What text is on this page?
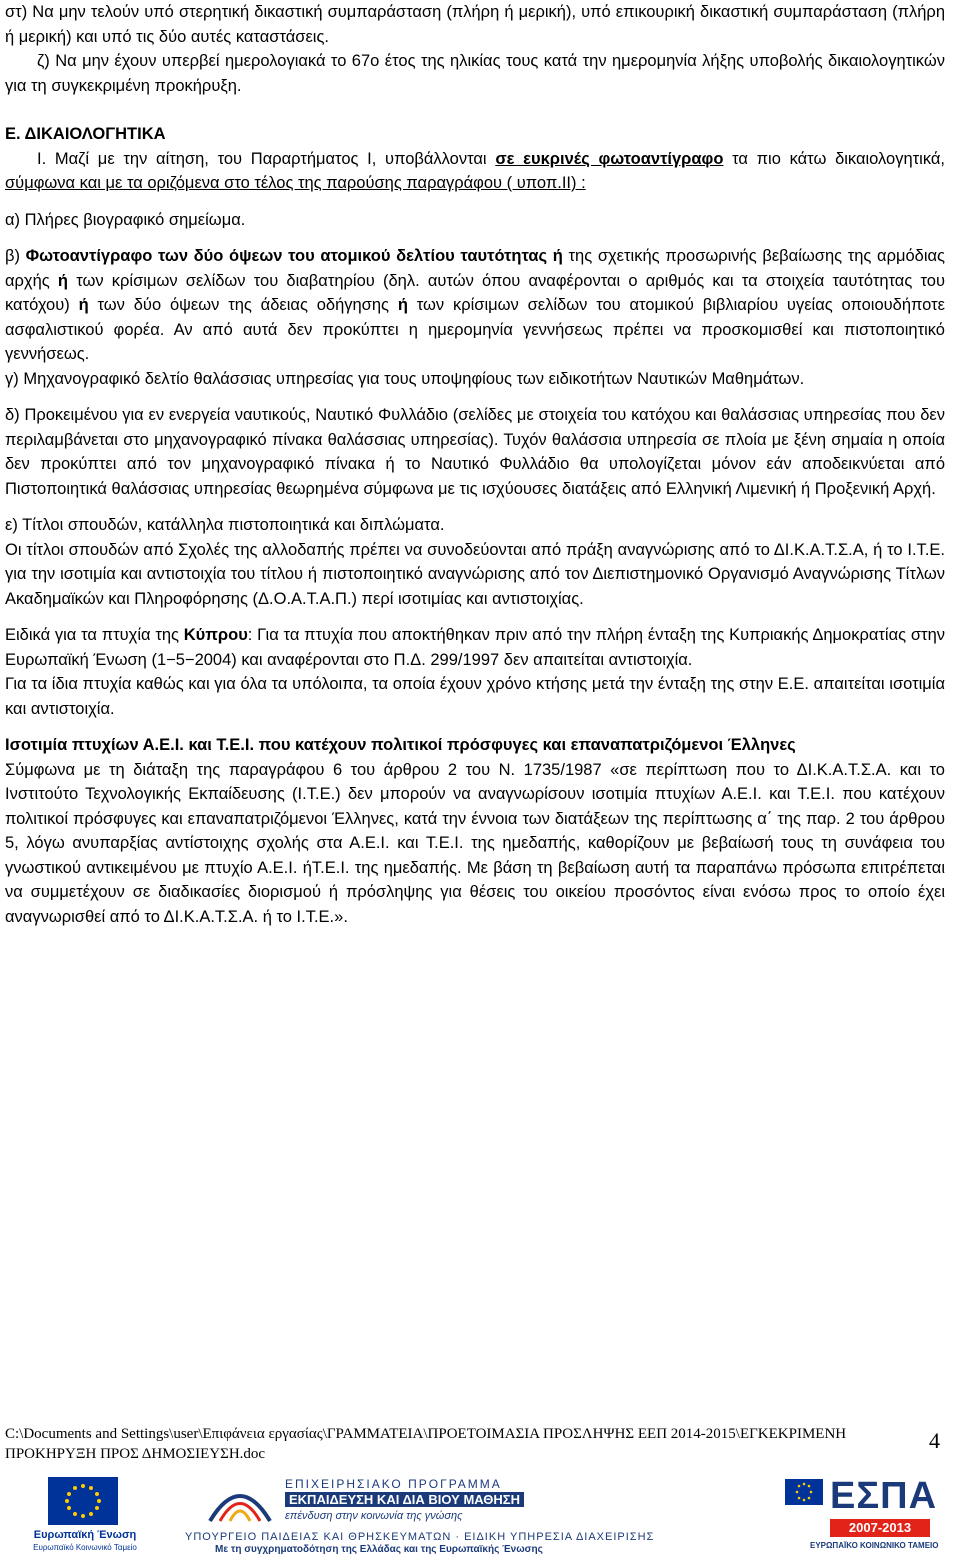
στ) Να μην τελούν υπό στερητική δικαστική συμπαράσταση (πλήρη ή μερική), υπό επικουρική δικαστική συμπαράσταση (πλήρη ή μερική) και υπό τις δύο αυτές καταστάσεις.

ζ) Να μην έχουν υπερβεί ημερολογιακά το 67ο έτος της ηλικίας τους κατά την ημερομηνία λήξης υποβολής δικαιολογητικών για τη συγκεκριμένη προκήρυξη.

Ε. ΔΙΚΑΙΟΛΟΓΗΤΙΚΑ

Ι. Μαζί με την αίτηση, του Παραρτήματος Ι, υποβάλλονται σε ευκρινές φωτοαντίγραφο τα πιο κάτω δικαιολογητικά, σύμφωνα και με τα οριζόμενα στο τέλος της παρούσης παραγράφου ( υποπ.ΙΙ) :

α) Πλήρες βιογραφικό σημείωμα.

β) Φωτοαντίγραφο των δύο όψεων του ατομικού δελτίου ταυτότητας ή της σχετικής προσωρινής βεβαίωσης της αρμόδιας αρχής ή των κρίσιμων σελίδων του διαβατηρίου (δηλ. αυτών όπου αναφέρονται ο αριθμός και τα στοιχεία ταυτότητας του κατόχου) ή των δύο όψεων της άδειας οδήγησης ή των κρίσιμων σελίδων του ατομικού βιβλιαρίου υγείας οποιουδήποτε ασφαλιστικού φορέα. Αν από αυτά δεν προκύπτει η ημερομηνία γεννήσεως πρέπει να προσκομισθεί και πιστοποιητικό γεννήσεως.

γ) Μηχανογραφικό δελτίο θαλάσσιας υπηρεσίας για τους υποψηφίους των ειδικοτήτων Ναυτικών Μαθημάτων.

δ) Προκειμένου για εν ενεργεία ναυτικούς, Ναυτικό Φυλλάδιο (σελίδες με στοιχεία του κατόχου και θαλάσσιας υπηρεσίας που δεν περιλαμβάνεται στο μηχανογραφικό πίνακα θαλάσσιας υπηρεσίας). Τυχόν θαλάσσια υπηρεσία σε πλοία με ξένη σημαία η οποία δεν προκύπτει από τον μηχανογραφικό πίνακα ή το Ναυτικό Φυλλάδιο θα υπολογίζεται μόνον εάν αποδεικνύεται από Πιστοποιητικά θαλάσσιας υπηρεσίας θεωρημένα σύμφωνα με τις ισχύουσες διατάξεις από Ελληνική Λιμενική ή Προξενική Αρχή.

ε) Τίτλοι σπουδών, κατάλληλα πιστοποιητικά και διπλώματα.

Οι τίτλοι σπουδών από Σχολές της αλλοδαπής πρέπει να συνοδεύονται από πράξη αναγνώρισης από το ΔΙ.Κ.Α.Τ.Σ.Α, ή το Ι.Τ.Ε. για την ισοτιμία και αντιστοιχία του τίτλου ή πιστοποιητικό αναγνώρισης από τον Διεπιστημονικό Οργανισμό Αναγνώρισης Τίτλων Ακαδημαϊκών και Πληροφόρησης (Δ.Ο.Α.Τ.Α.Π.) περί ισοτιμίας και αντιστοιχίας.

Ειδικά για τα πτυχία της Κύπρου: Για τα πτυχία που αποκτήθηκαν πριν από την πλήρη ένταξη της Κυπριακής Δημοκρατίας στην Ευρωπαϊκή Ένωση (1−5−2004) και αναφέρονται στο Π.Δ. 299/1997 δεν απαιτείται αντιστοιχία.

Για τα ίδια πτυχία καθώς και για όλα τα υπόλοιπα, τα οποία έχουν χρόνο κτήσης μετά την ένταξη της στην Ε.Ε. απαιτείται ισοτιμία και αντιστοιχία.

Ισοτιμία πτυχίων Α.Ε.Ι. και Τ.Ε.Ι. που κατέχουν πολιτικοί πρόσφυγες και επαναπατριζόμενοι Έλληνες

Σύμφωνα με τη διάταξη της παραγράφου 6 του άρθρου 2 του Ν. 1735/1987 «σε περίπτωση που το ΔΙ.Κ.Α.Τ.Σ.Α. και το Ινστιτούτο Τεχνολογικής Εκπαίδευσης (Ι.Τ.Ε.) δεν μπορούν να αναγνωρίσουν ισοτιμία πτυχίων Α.Ε.Ι. και Τ.Ε.Ι. που κατέχουν πολιτικοί πρόσφυγες και επαναπατριζόμενοι Έλληνες, κατά την έννοια των διατάξεων της περίπτωσης α΄ της παρ. 2 του άρθρου 5, λόγω ανυπαρξίας αντίστοιχης σχολής στα Α.Ε.Ι. και Τ.Ε.Ι. της ημεδαπής, καθορίζουν με βεβαίωσή τους τη συνάφεια του γνωστικού αντικειμένου με πτυχίο Α.Ε.Ι. ήΤ.Ε.Ι. της ημεδαπής. Με βάση τη βεβαίωση αυτή τα παραπάνω πρόσωπα επιτρέπεται να συμμετέχουν σε διαδικασίες διορισμού ή πρόσληψης για θέσεις του οικείου προσόντος είναι ενόσω προς το οποίο έχει αναγνωρισθεί από το ΔΙ.Κ.Α.Τ.Σ.Α. ή το Ι.Τ.Ε.».

C:\Documents and Settings\user\Επιφάνεια εργασίας\ΓΡΑΜΜΑΤΕΙΑ\ΠΡΟΕΤΟΙΜΑΣΙΑ ΠΡΟΣΛΗΨΗΣ ΕΕΠ 2014-2015\ΕΓΚΕΚΡΙΜΕΝΗ ΠΡΟΚΗΡΥΞΗ ΠΡΟΣ ΔΗΜΟΣΙΕΥΣΗ.doc
4
Ευρωπαϊκή Ένωση
Ευρωπαϊκό Κοινωνικό Ταμείο
ΕΠΙΧΕΙΡΗΣΙΑΚΟ ΠΡΟΓΡΑΜΜΑ
ΕΚΠΑΙΔΕΥΣΗ ΚΑΙ ΔΙΑ ΒΙΟΥ ΜΑΘΗΣΗ
επένδυση στην κοινωνία της γνώσης
ΥΠΟΥΡΓΕΙΟ ΠΑΙΔΕΙΑΣ ΚΑΙ ΘΡΗΣΚΕΥΜΑΤΩΝ · ΕΙΔΙΚΗ ΥΠΗΡΕΣΙΑ ΔΙΑΧΕΙΡΙΣΗΣ
Με τη συγχρηματοδότηση της Ελλάδας και της Ευρωπαϊκής Ένωσης
ΕΣΠΑ
2007-2013
ΕΥΡΩΠΑΪΚΟ ΚΟΙΝΩΝΙΚΟ ΤΑΜΕΙΟ
